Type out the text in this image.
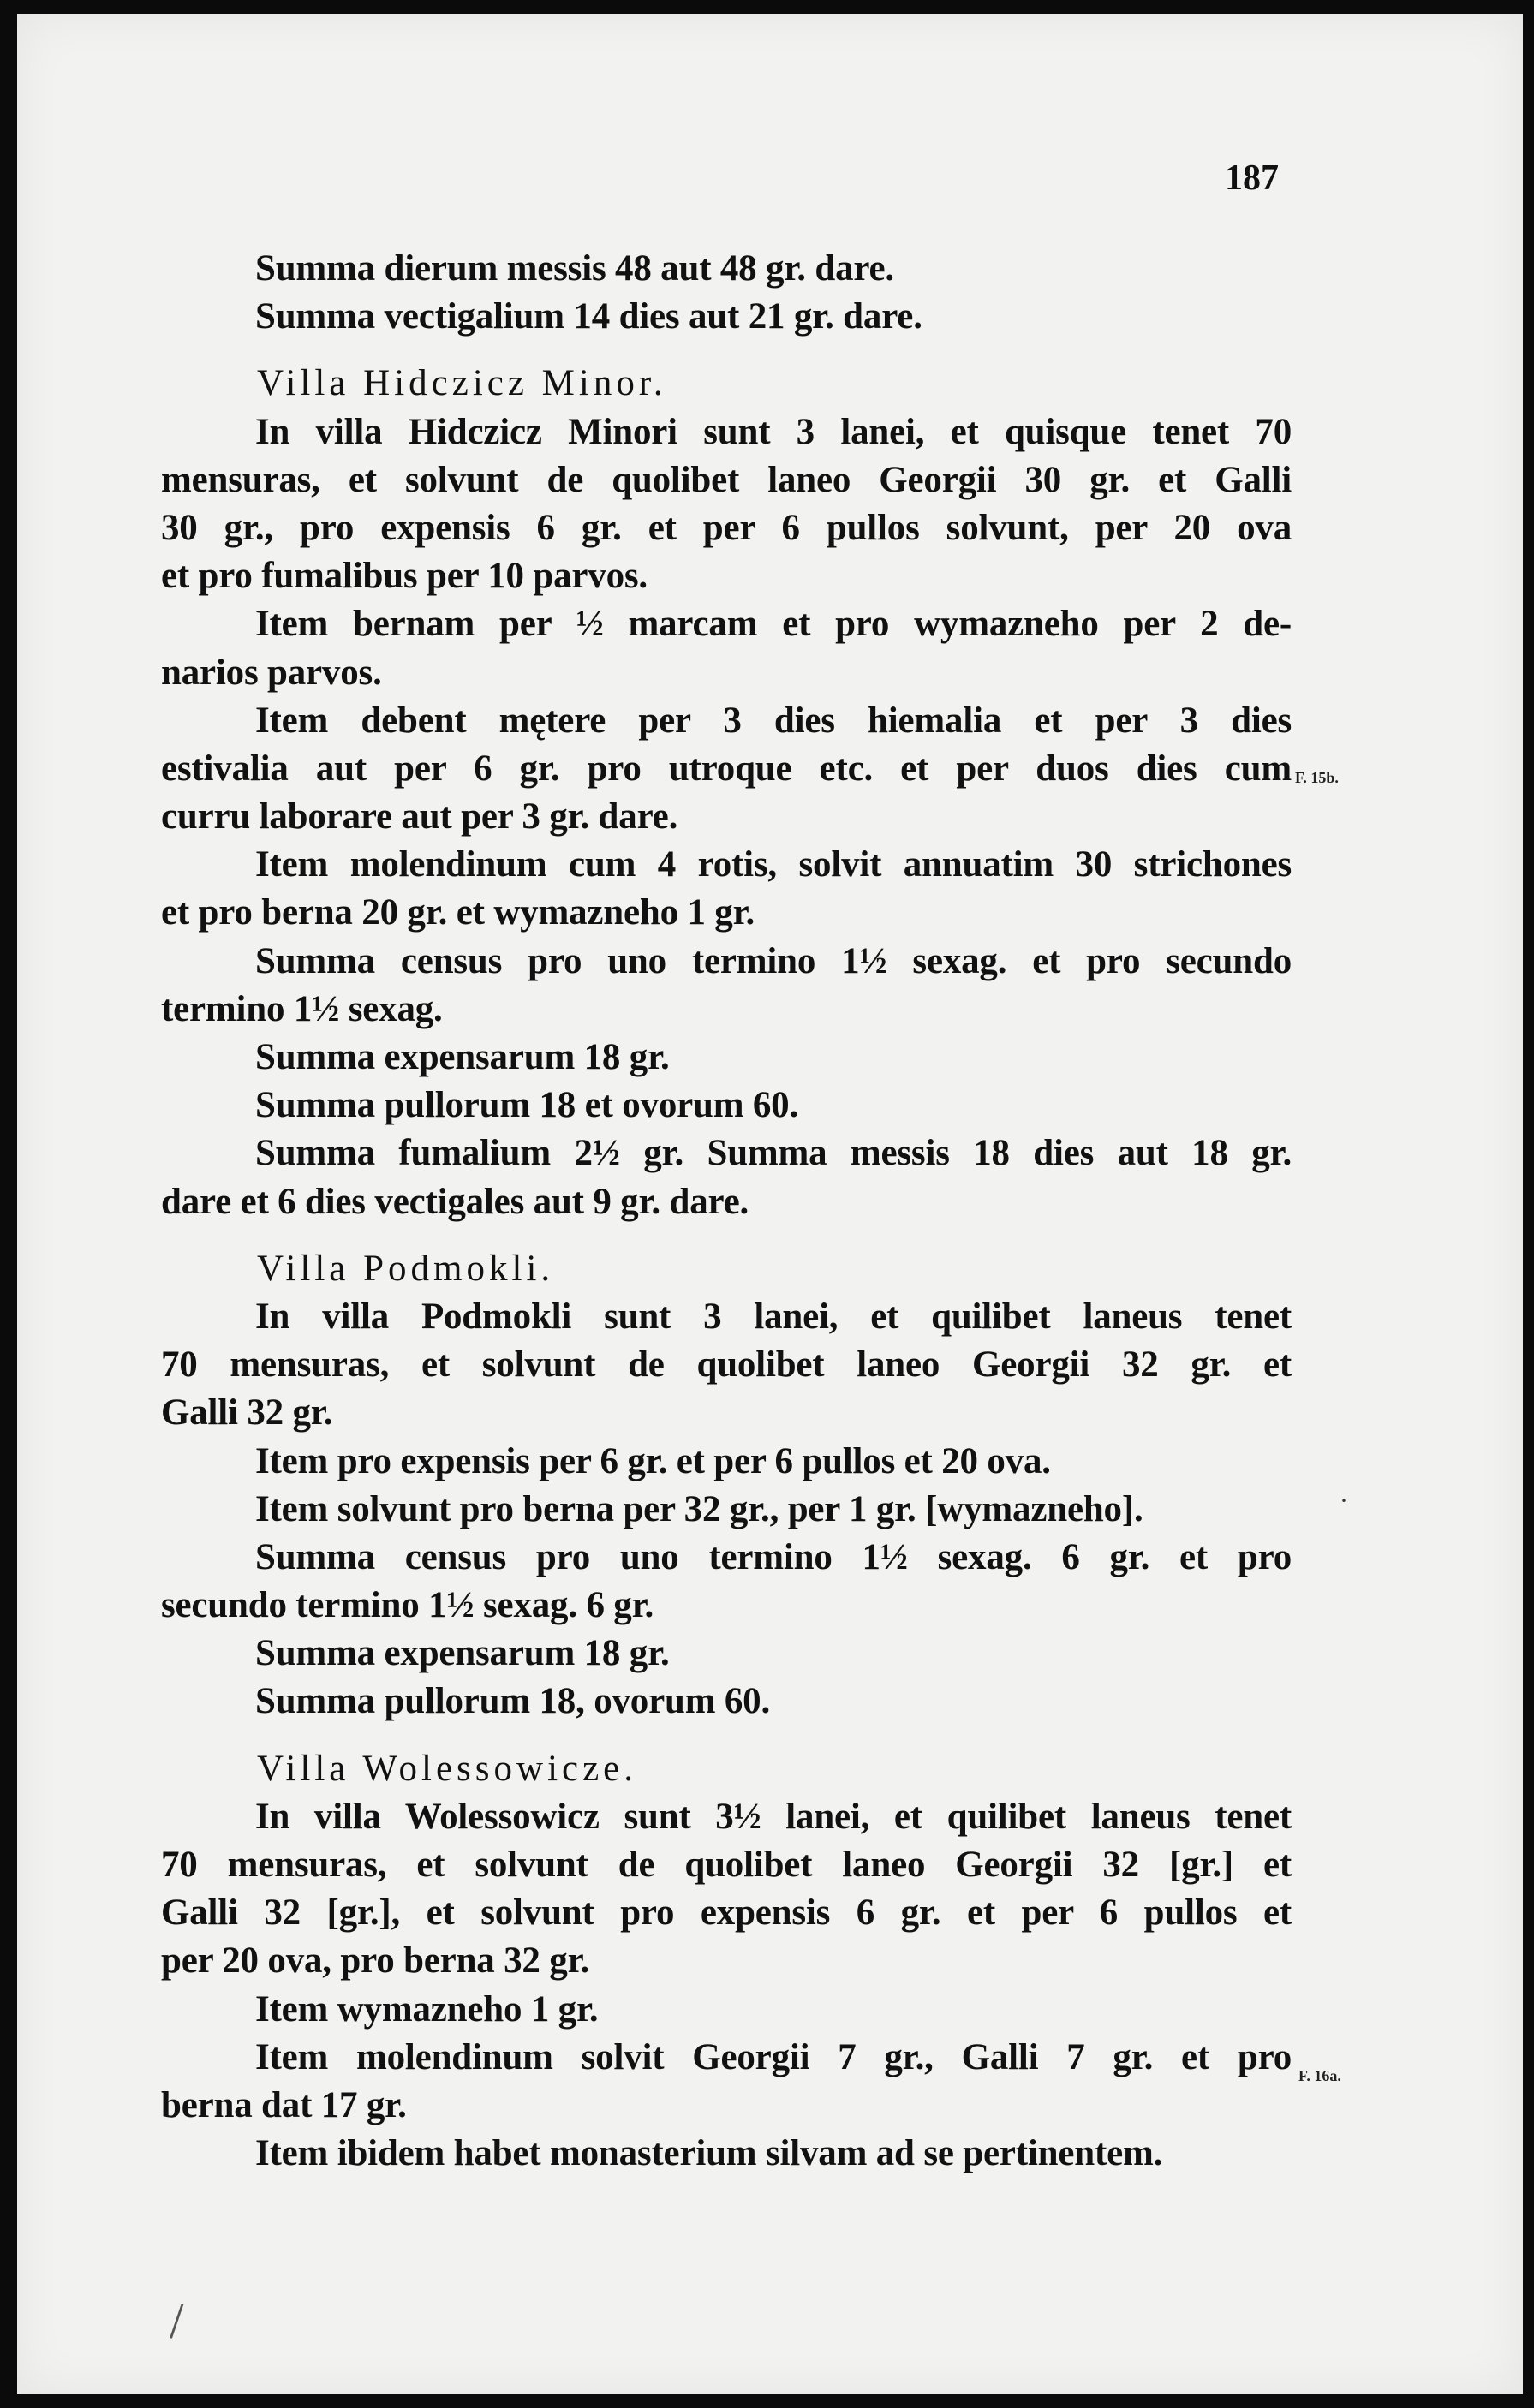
187
Summa dierum messis 48 aut 48 gr. dare.
Summa vectigalium 14 dies aut 21 gr. dare.
Villa Hidczicz Minor.
In villa Hidczicz Minori sunt 3 lanei, et quisque tenet 70
mensuras, et solvunt de quolibet laneo Georgii 30 gr. et Galli
30 gr., pro expensis 6 gr. et per 6 pullos solvunt, per 20 ova
et pro fumalibus per 10 parvos.
Item bernam per ½ marcam et pro wymazneho per 2 de-
narios parvos.
Item debent mętere per 3 dies hiemalia et per 3 dies
estivalia aut per 6 gr. pro utroque etc. et per duos dies cum
curru laborare aut per 3 gr. dare.
Item molendinum cum 4 rotis, solvit annuatim 30 strichones
et pro berna 20 gr. et wymazneho 1 gr.
Summa census pro uno termino 1½ sexag. et pro secundo
termino 1½ sexag.
Summa expensarum 18 gr.
Summa pullorum 18 et ovorum 60.
Summa fumalium 2½ gr. Summa messis 18 dies aut 18 gr.
dare et 6 dies vectigales aut 9 gr. dare.
Villa Podmokli.
In villa Podmokli sunt 3 lanei, et quilibet laneus tenet
70 mensuras, et solvunt de quolibet laneo Georgii 32 gr. et
Galli 32 gr.
Item pro expensis per 6 gr. et per 6 pullos et 20 ova.
Item solvunt pro berna per 32 gr., per 1 gr. [wymazneho].
Summa census pro uno termino 1½ sexag. 6 gr. et pro
secundo termino 1½ sexag. 6 gr.
Summa expensarum 18 gr.
Summa pullorum 18, ovorum 60.
Villa Wolessowicze.
In villa Wolessowicz sunt 3½ lanei, et quilibet laneus tenet
70 mensuras, et solvunt de quolibet laneo Georgii 32 [gr.] et
Galli 32 [gr.], et solvunt pro expensis 6 gr. et per 6 pullos et
per 20 ova, pro berna 32 gr.
Item wymazneho 1 gr.
Item molendinum solvit Georgii 7 gr., Galli 7 gr. et pro
berna dat 17 gr.
Item ibidem habet monasterium silvam ad se pertinentem.
F. 15b.
F. 16a.
·
/
